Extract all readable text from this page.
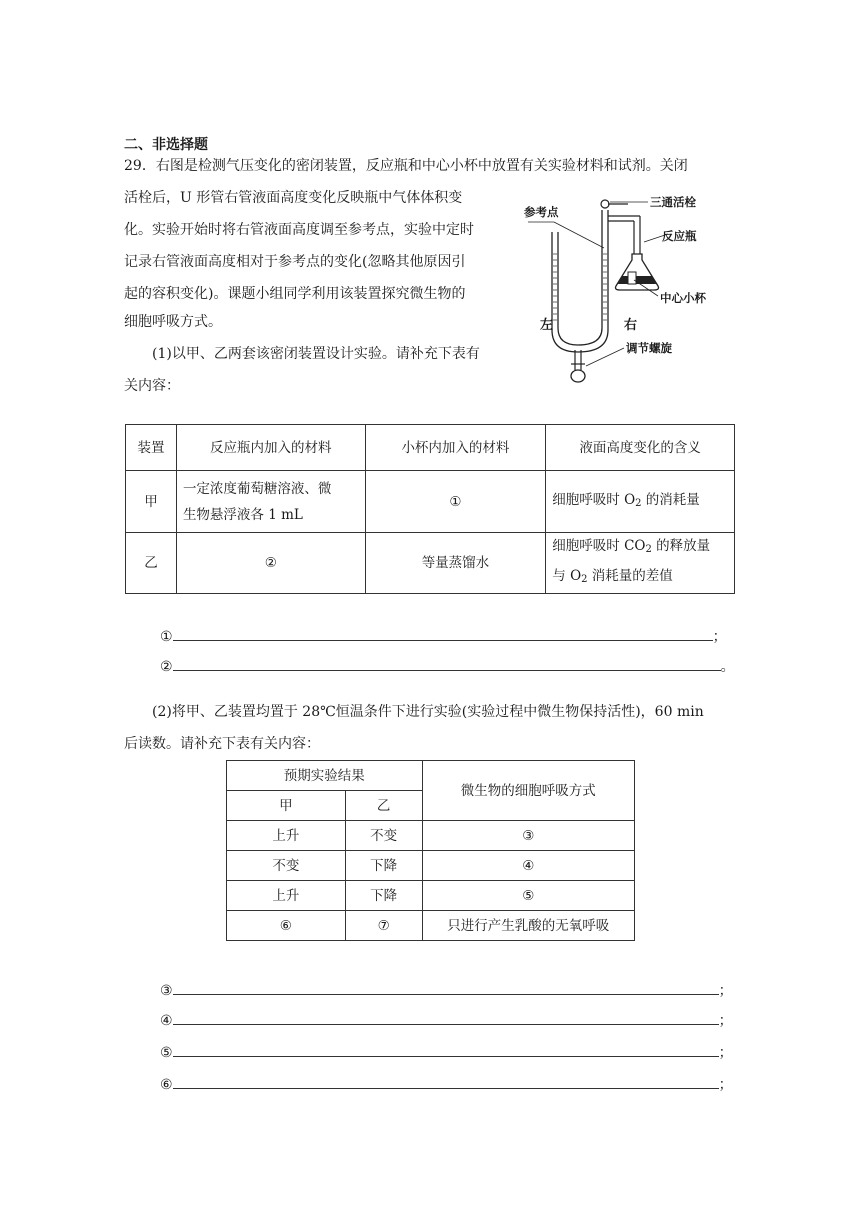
二、非选择题
29．右图是检测气压变化的密闭装置，反应瓶和中心小杯中放置有关实验材料和试剂。关闭
活栓后，U 形管右管液面高度变化反映瓶中气体体积变
化。实验开始时将右管液面高度调至参考点，实验中定时
记录右管液面高度相对于参考点的变化(忽略其他原因引
起的容积变化)。课题小组同学利用该装置探究微生物的
细胞呼吸方式。
(1)以甲、乙两套该密闭装置设计实验。请补充下表有
关内容：
参考点
三通活栓
反应瓶
中心小杯
左	右
调节螺旋
装置	反应瓶内加入的材料	小杯内加入的材料	液面高度变化的含义
甲	一定浓度葡萄糖溶液、微
生物悬浮液各 1 mL	①	细胞呼吸时 $O_2$ 的消耗量
乙	②	等量蒸馏水	细胞呼吸时 $CO_2$ 的释放量
与 $O_2$ 消耗量的差值
①	；
②	。
(2)将甲、乙装置均置于 28℃恒温条件下进行实验(实验过程中微生物保持活性)，60 min
后读数。请补充下表有关内容：
预期实验结果		微生物的细胞呼吸方式
甲	乙	
上升	不变	③
不变	下降	④
上升	下降	⑤
⑥	⑦	只进行产生乳酸的无氧呼吸
③	；
④	；
⑤	；
⑥	；
